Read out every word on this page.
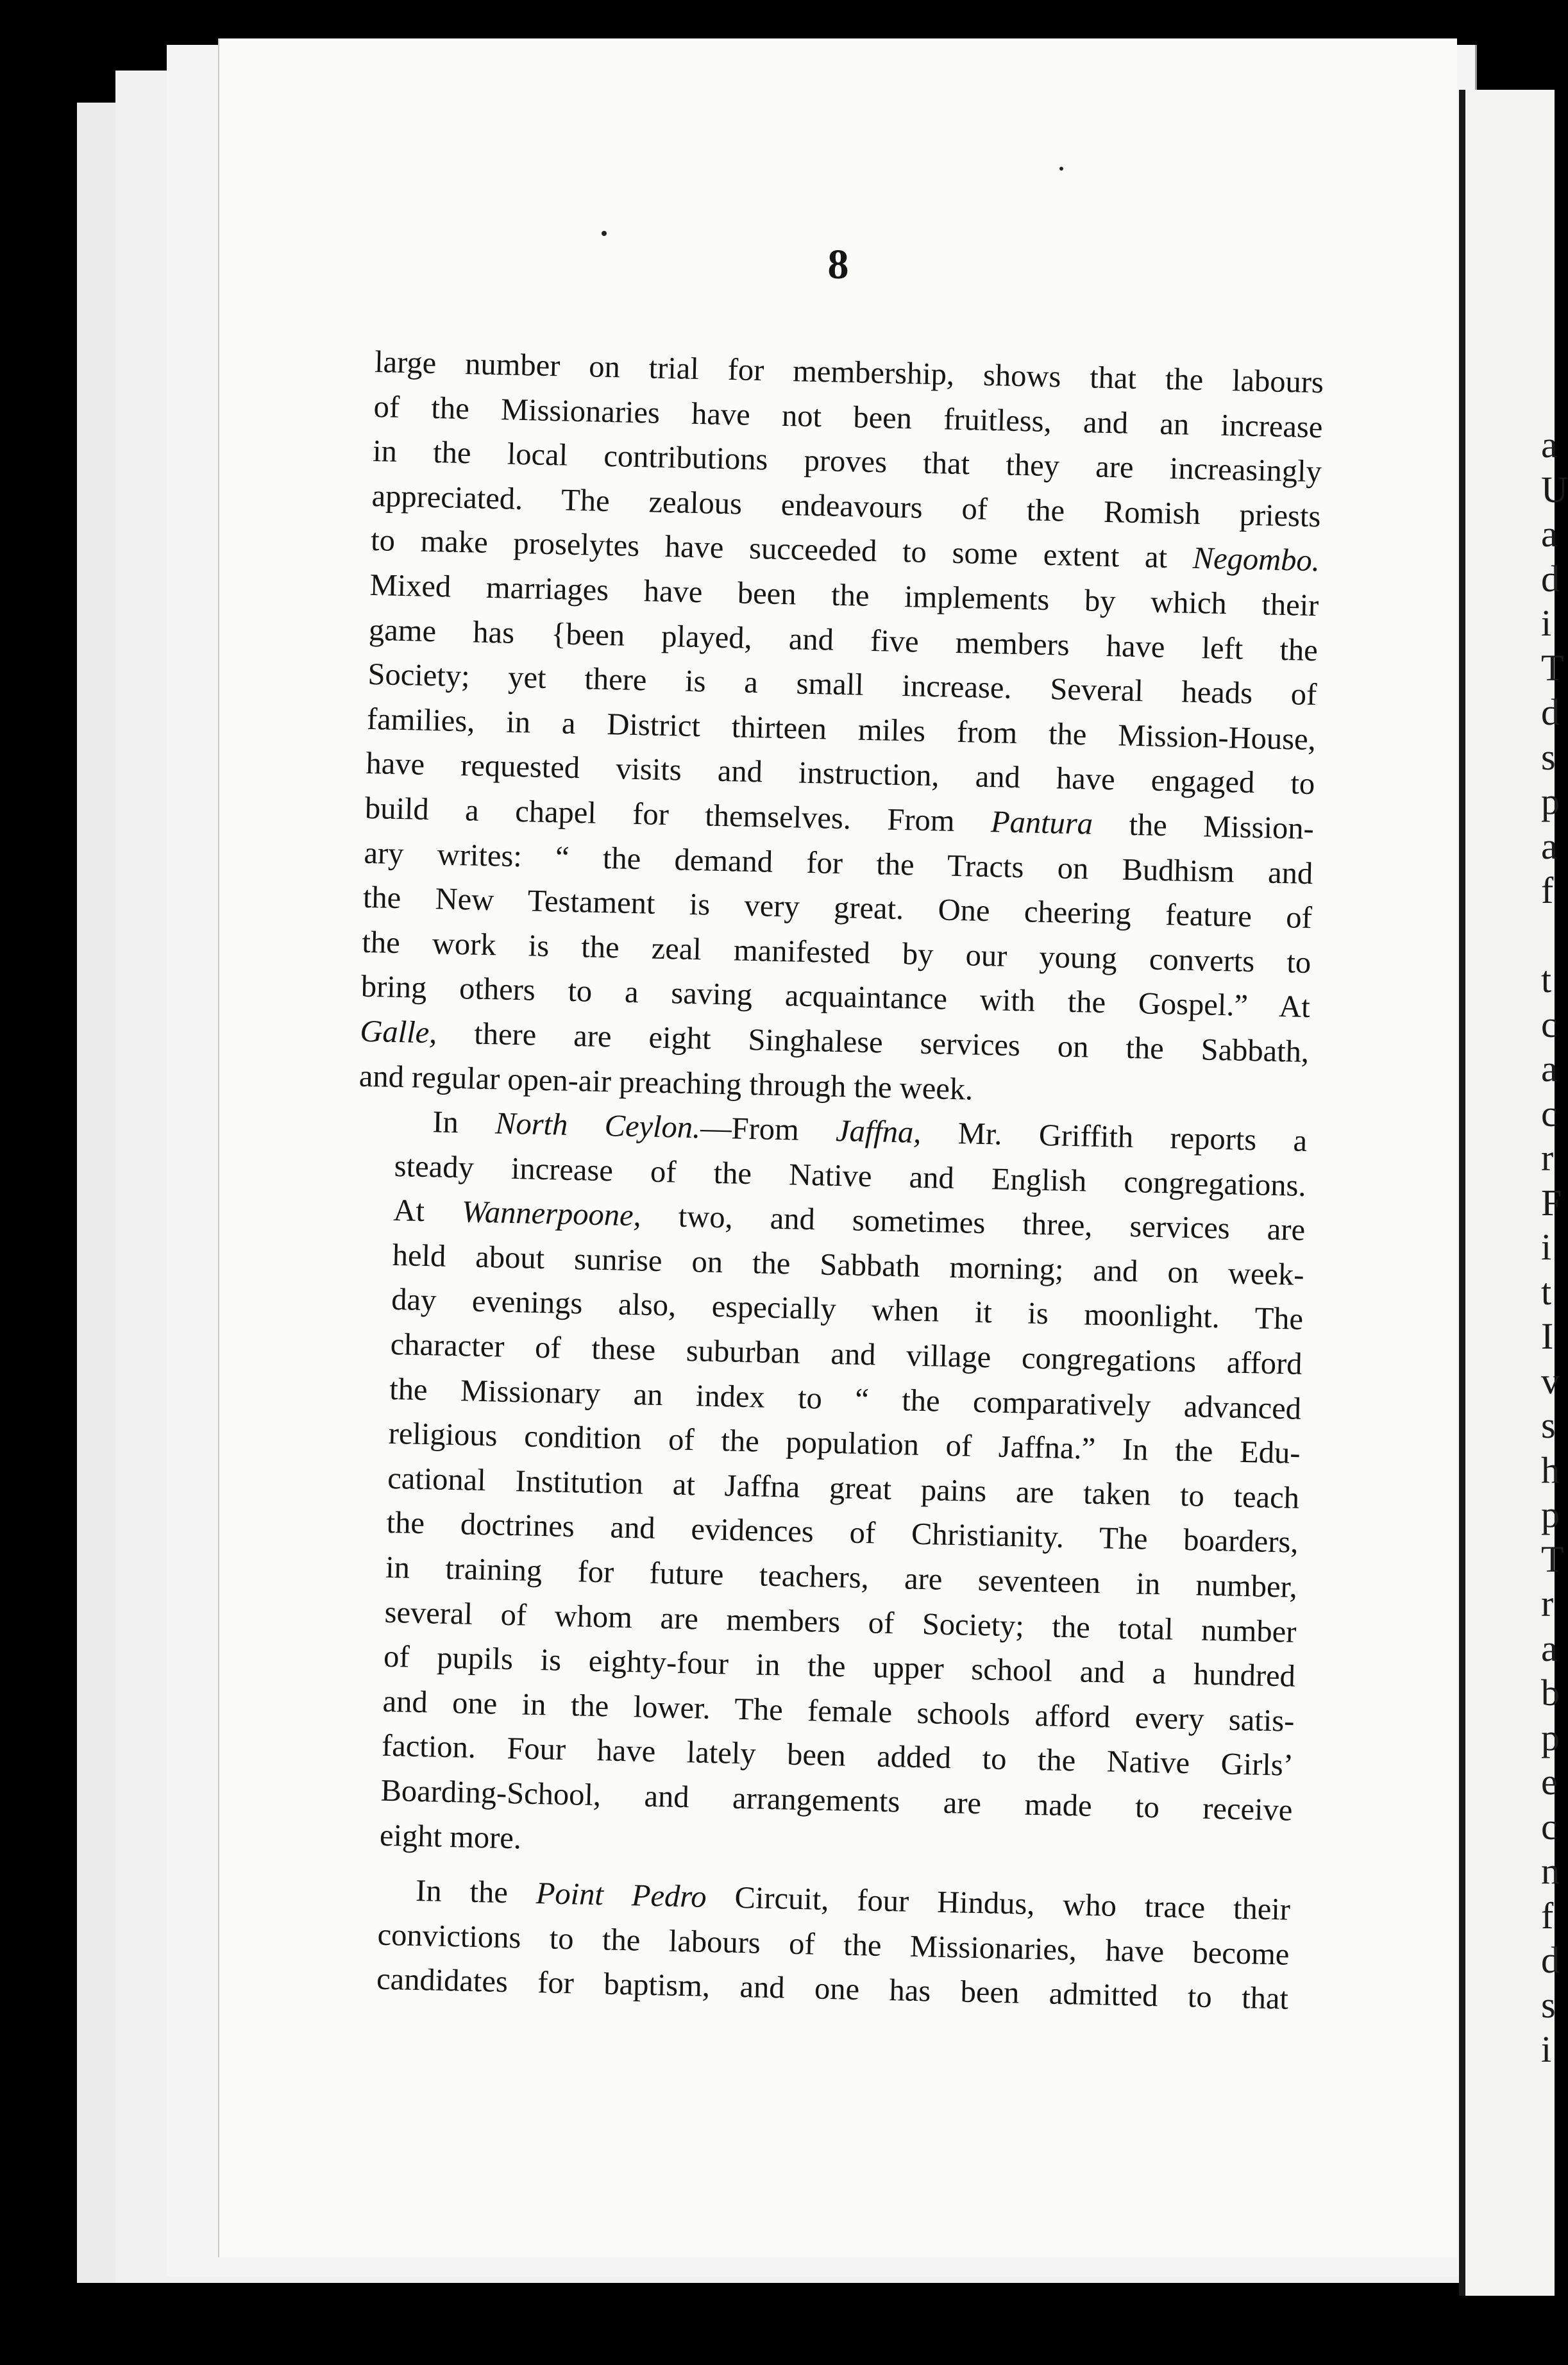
8
large number on trial for membership, shows that the labours
of the Missionaries have not been fruitless, and an increase
in the local contributions proves that they are increasingly
appreciated. The zealous endeavours of the Romish priests
to make proselytes have succeeded to some extent at Negombo.
Mixed marriages have been the implements by which their
game has {been played, and five members have left the
Society; yet there is a small increase. Several heads of
families, in a District thirteen miles from the Mission-House,
have requested visits and instruction, and have engaged to
build a chapel for themselves. From Pantura the Mission-
ary writes: “ the demand for the Tracts on Budhism and
the New Testament is very great. One cheering feature of
the work is the zeal manifested by our young converts to
bring others to a saving acquaintance with the Gospel.” At
Galle, there are eight Singhalese services on the Sabbath,
and regular open-air preaching through the week.
In North Ceylon.—From Jaffna, Mr. Griffith reports a
steady increase of the Native and English congregations.
At Wannerpoone, two, and sometimes three, services are
held about sunrise on the Sabbath morning; and on week-
day evenings also, especially when it is moonlight. The
character of these suburban and village congregations afford
the Missionary an index to “ the comparatively advanced
religious condition of the population of Jaffna.” In the Edu-
cational Institution at Jaffna great pains are taken to teach
the doctrines and evidences of Christianity. The boarders,
in training for future teachers, are seventeen in number,
several of whom are members of Society; the total number
of pupils is eighty-four in the upper school and a hundred
and one in the lower. The female schools afford every satis-
faction. Four have lately been added to the Native Girls’
Boarding-School, and arrangements are made to receive
eight more.
In the Point Pedro Circuit, four Hindus, who trace their
convictions to the labours of the Missionaries, have become
candidates for baptism, and one has been admitted to that
a
U
a
d
i
T
d
s
p
a
f
t
c
a
c
r
F
i
t
I
v
s
h
p
T
r
a
b
p
e
c
n
f
d
s
i
